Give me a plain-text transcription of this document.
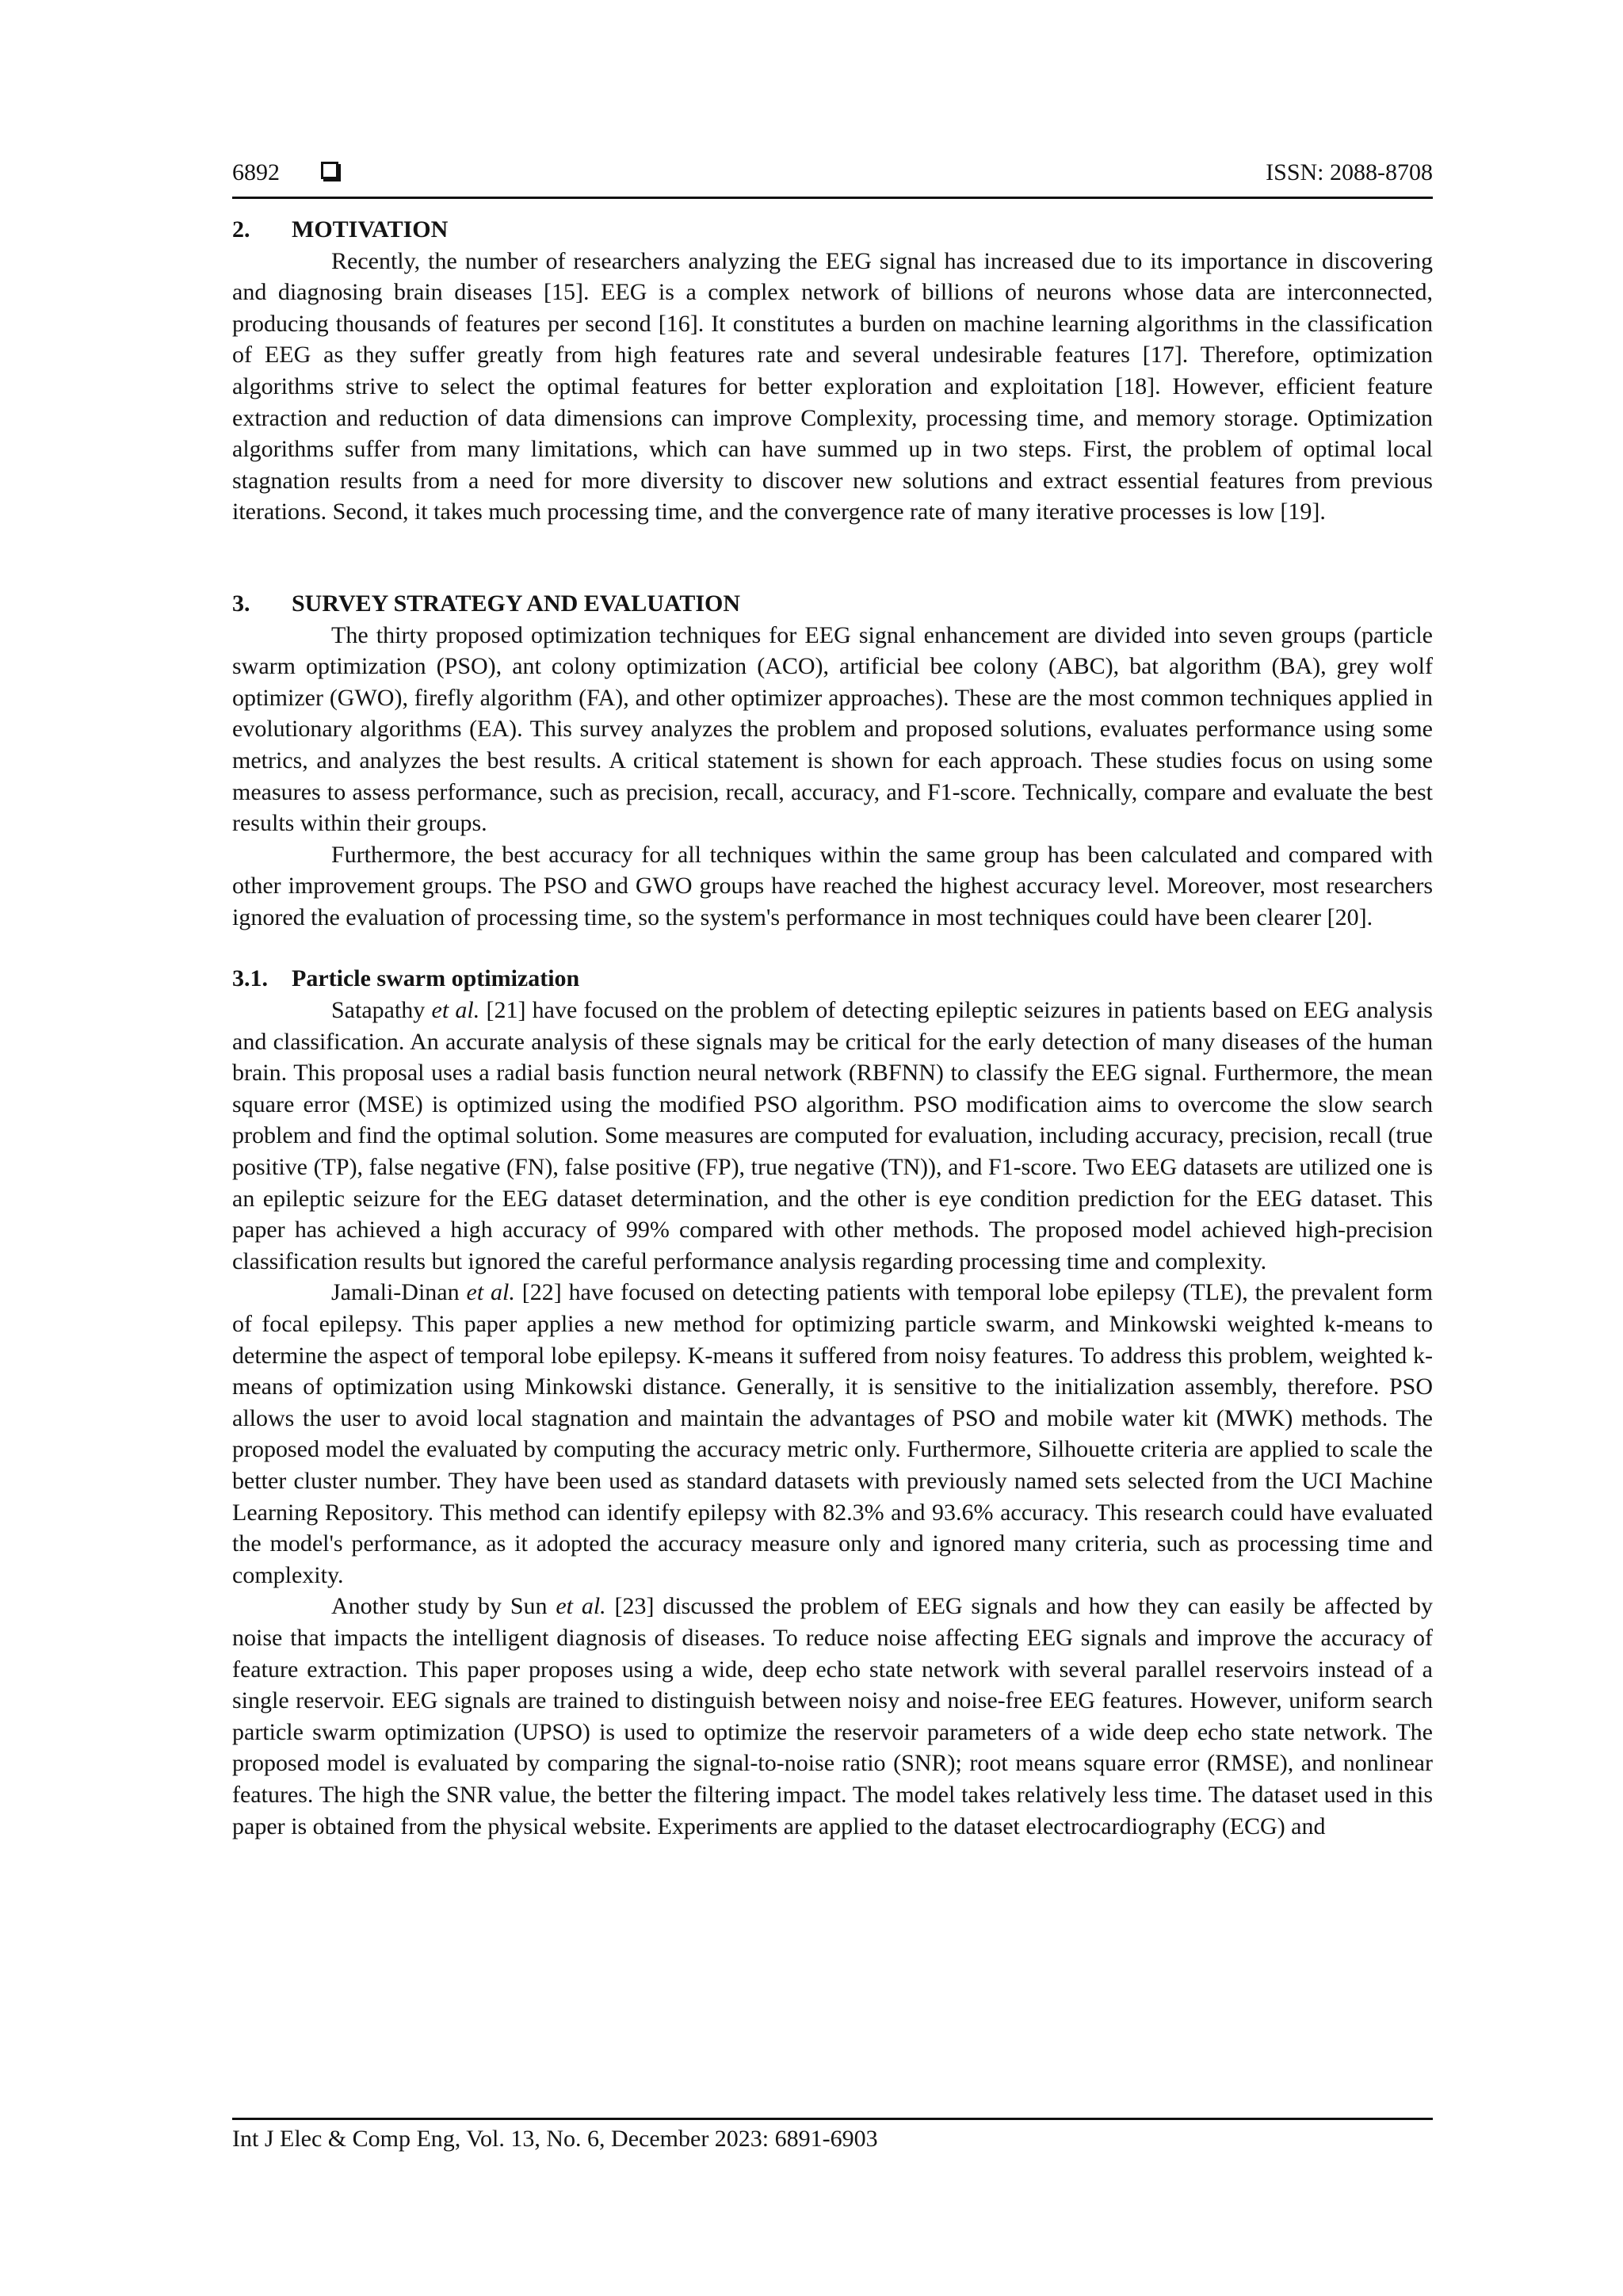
6892	ISSN: 2088-8708
2. MOTIVATION

Recently, the number of researchers analyzing the EEG signal has increased due to its importance in discovering and diagnosing brain diseases [15]. EEG is a complex network of billions of neurons whose data are interconnected, producing thousands of features per second [16]. It constitutes a burden on machine learning algorithms in the classification of EEG as they suffer greatly from high features rate and several undesirable features [17]. Therefore, optimization algorithms strive to select the optimal features for better exploration and exploitation [18]. However, efficient feature extraction and reduction of data dimensions can improve Complexity, processing time, and memory storage. Optimization algorithms suffer from many limitations, which can have summed up in two steps. First, the problem of optimal local stagnation results from a need for more diversity to discover new solutions and extract essential features from previous iterations. Second, it takes much processing time, and the convergence rate of many iterative processes is low [19].

3. SURVEY STRATEGY AND EVALUATION

The thirty proposed optimization techniques for EEG signal enhancement are divided into seven groups (particle swarm optimization (PSO), ant colony optimization (ACO), artificial bee colony (ABC), bat algorithm (BA), grey wolf optimizer (GWO), firefly algorithm (FA), and other optimizer approaches). These are the most common techniques applied in evolutionary algorithms (EA). This survey analyzes the problem and proposed solutions, evaluates performance using some metrics, and analyzes the best results. A critical statement is shown for each approach. These studies focus on using some measures to assess performance, such as precision, recall, accuracy, and F1-score. Technically, compare and evaluate the best results within their groups.

Furthermore, the best accuracy for all techniques within the same group has been calculated and compared with other improvement groups. The PSO and GWO groups have reached the highest accuracy level. Moreover, most researchers ignored the evaluation of processing time, so the system's performance in most techniques could have been clearer [20].

3.1. Particle swarm optimization

Satapathy et al. [21] have focused on the problem of detecting epileptic seizures in patients based on EEG analysis and classification. An accurate analysis of these signals may be critical for the early detection of many diseases of the human brain. This proposal uses a radial basis function neural network (RBFNN) to classify the EEG signal. Furthermore, the mean square error (MSE) is optimized using the modified PSO algorithm. PSO modification aims to overcome the slow search problem and find the optimal solution. Some measures are computed for evaluation, including accuracy, precision, recall (true positive (TP), false negative (FN), false positive (FP), true negative (TN)), and F1-score. Two EEG datasets are utilized one is an epileptic seizure for the EEG dataset determination, and the other is eye condition prediction for the EEG dataset. This paper has achieved a high accuracy of 99% compared with other methods. The proposed model achieved high-precision classification results but ignored the careful performance analysis regarding processing time and complexity.

Jamali-Dinan et al. [22] have focused on detecting patients with temporal lobe epilepsy (TLE), the prevalent form of focal epilepsy. This paper applies a new method for optimizing particle swarm, and Minkowski weighted k-means to determine the aspect of temporal lobe epilepsy. K-means it suffered from noisy features. To address this problem, weighted k-means of optimization using Minkowski distance. Generally, it is sensitive to the initialization assembly, therefore. PSO allows the user to avoid local stagnation and maintain the advantages of PSO and mobile water kit (MWK) methods. The proposed model the evaluated by computing the accuracy metric only. Furthermore, Silhouette criteria are applied to scale the better cluster number. They have been used as standard datasets with previously named sets selected from the UCI Machine Learning Repository. This method can identify epilepsy with 82.3% and 93.6% accuracy. This research could have evaluated the model's performance, as it adopted the accuracy measure only and ignored many criteria, such as processing time and complexity.

Another study by Sun et al. [23] discussed the problem of EEG signals and how they can easily be affected by noise that impacts the intelligent diagnosis of diseases. To reduce noise affecting EEG signals and improve the accuracy of feature extraction. This paper proposes using a wide, deep echo state network with several parallel reservoirs instead of a single reservoir. EEG signals are trained to distinguish between noisy and noise-free EEG features. However, uniform search particle swarm optimization (UPSO) is used to optimize the reservoir parameters of a wide deep echo state network. The proposed model is evaluated by comparing the signal-to-noise ratio (SNR); root means square error (RMSE), and nonlinear features. The high the SNR value, the better the filtering impact. The model takes relatively less time. The dataset used in this paper is obtained from the physical website. Experiments are applied to the dataset electrocardiography (ECG) and

Int J Elec & Comp Eng, Vol. 13, No. 6, December 2023: 6891-6903
